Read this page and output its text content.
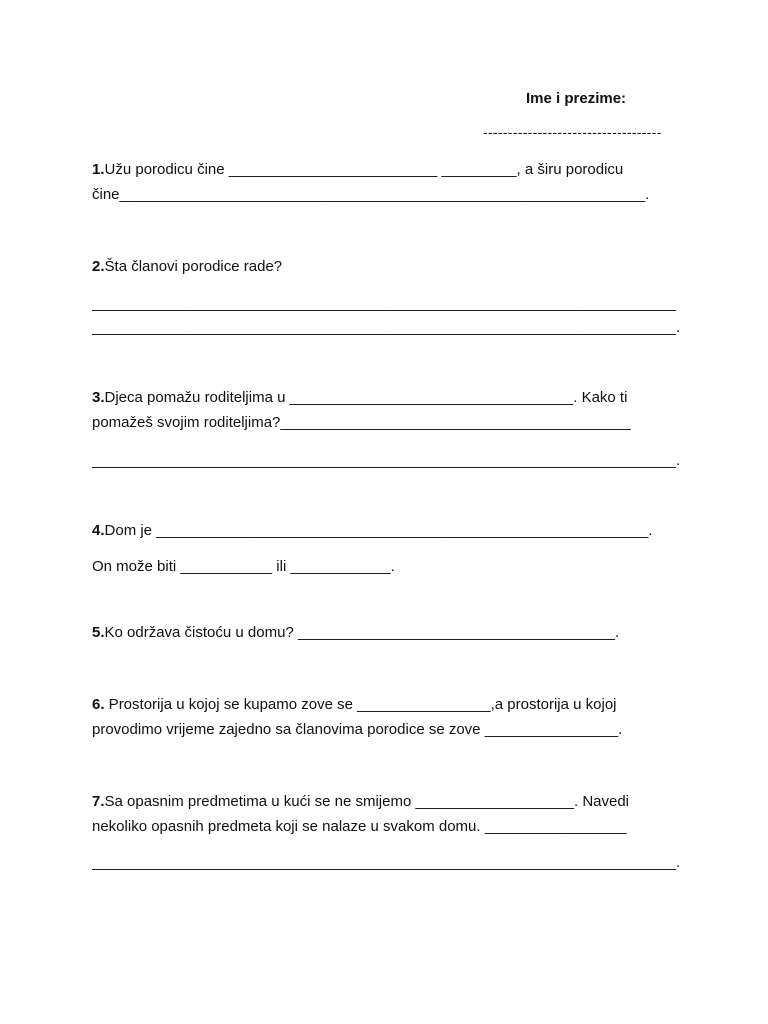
Ime i prezime:
------------------------------------
1.Užu porodicu čine _________________________ _________, a širu porodicu
čine_______________________________________________________________.
2.Šta članovi porodice rade?
______________________________________________________________________
______________________________________________________________________.
3.Djeca pomažu roditeljima u __________________________________. Kako ti
pomažeš svojim roditeljima?__________________________________________
______________________________________________________________________.
4.Dom je ___________________________________________________________.
On može biti ___________ ili ____________.
5.Ko održava čistoću u domu? ______________________________________.
6. Prostorija u kojoj se kupamo zove se ________________,a prostorija u kojoj
provodimo vrijeme zajedno sa članovima porodice se zove ________________.
7.Sa opasnim predmetima u kući se ne smijemo ___________________. Navedi
nekoliko opasnih predmeta koji se nalaze u svakom domu. _________________
______________________________________________________________________.
